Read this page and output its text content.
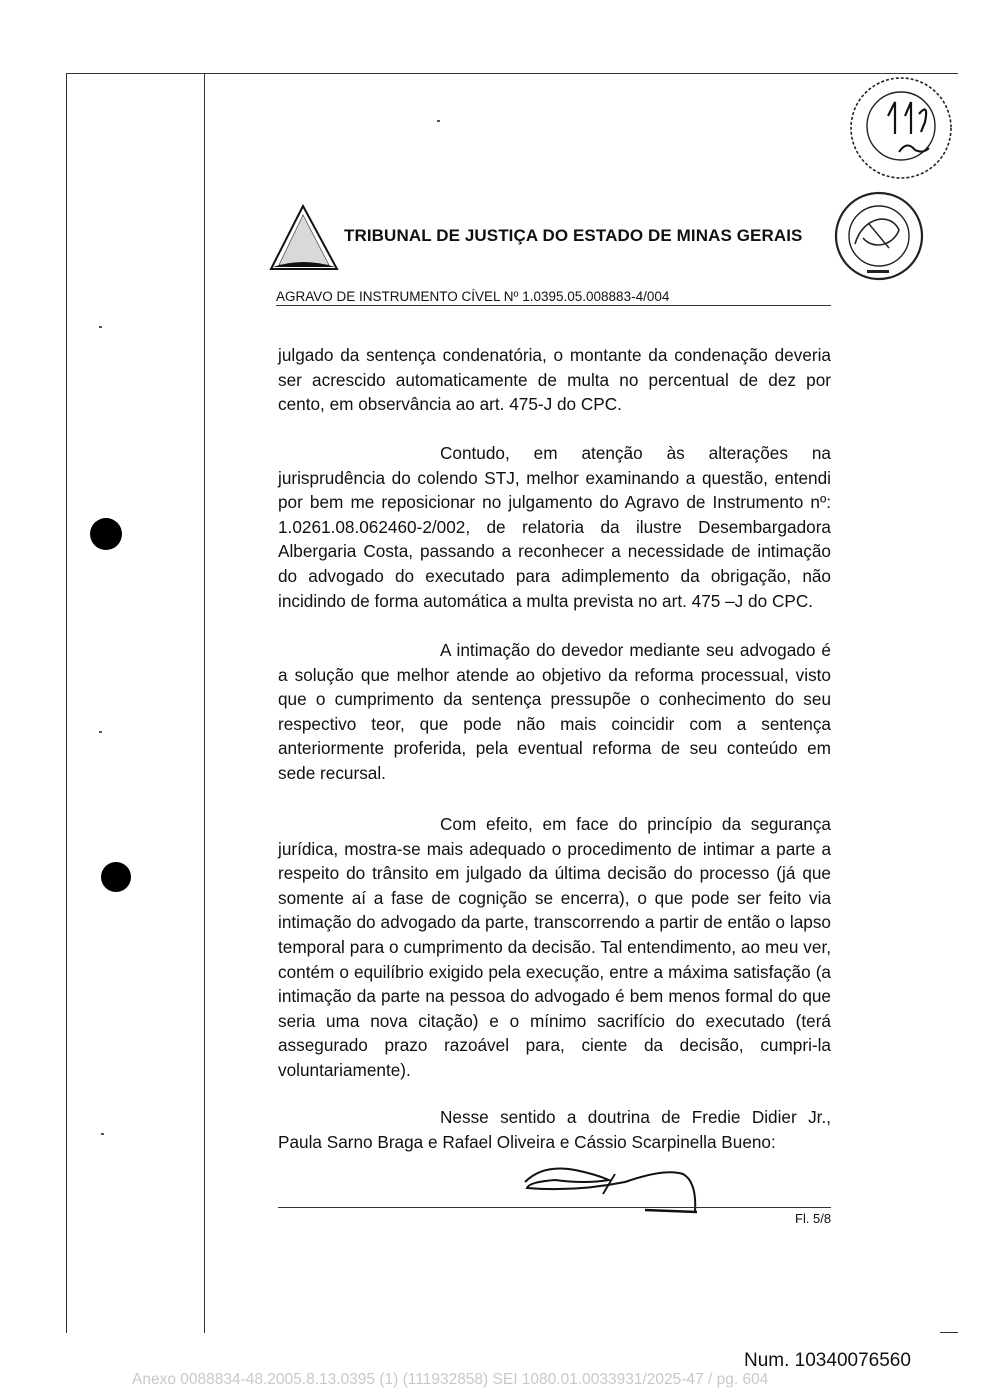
TRIBUNAL DE JUSTIÇA DO ESTADO DE MINAS GERAIS
AGRAVO DE INSTRUMENTO CÍVEL Nº 1.0395.05.008883-4/004
julgado da sentença condenatória, o montante da condenação deveria ser acrescido automaticamente de multa no percentual de dez por cento, em observância ao art. 475-J do CPC.
Contudo, em atenção às alterações na jurisprudência do colendo STJ, melhor examinando a questão, entendi por bem me reposicionar no julgamento do Agravo de Instrumento nº: 1.0261.08.062460-2/002, de relatoria da ilustre Desembargadora Albergaria Costa, passando a reconhecer a necessidade de intimação do advogado do executado para adimplemento da obrigação, não incidindo de forma automática a multa prevista no art. 475 –J do CPC.
A intimação do devedor mediante seu advogado é a solução que melhor atende ao objetivo da reforma processual, visto que o cumprimento da sentença pressupõe o conhecimento do seu respectivo teor, que pode não mais coincidir com a sentença anteriormente proferida, pela eventual reforma de seu conteúdo em sede recursal.
Com efeito, em face do princípio da segurança jurídica, mostra-se mais adequado o procedimento de intimar a parte a respeito do trânsito em julgado da última decisão do processo (já que somente aí a fase de cognição se encerra), o que pode ser feito via intimação do advogado da parte, transcorrendo a partir de então o lapso temporal para o cumprimento da decisão. Tal entendimento, ao meu ver, contém o equilíbrio exigido pela execução, entre a máxima satisfação (a intimação da parte na pessoa do advogado é bem menos formal do que seria uma nova citação) e o mínimo sacrifício do executado (terá assegurado prazo razoável para, ciente da decisão, cumpri-la voluntariamente).
Nesse sentido a doutrina de Fredie Didier Jr., Paula Sarno Braga e Rafael Oliveira e Cássio Scarpinella Bueno:
Fl. 5/8
Num. 10340076560
Anexo 0088834-48.2005.8.13.0395 (1) (111932858) SEI 1080.01.0033931/2025-47 / pg. 604
